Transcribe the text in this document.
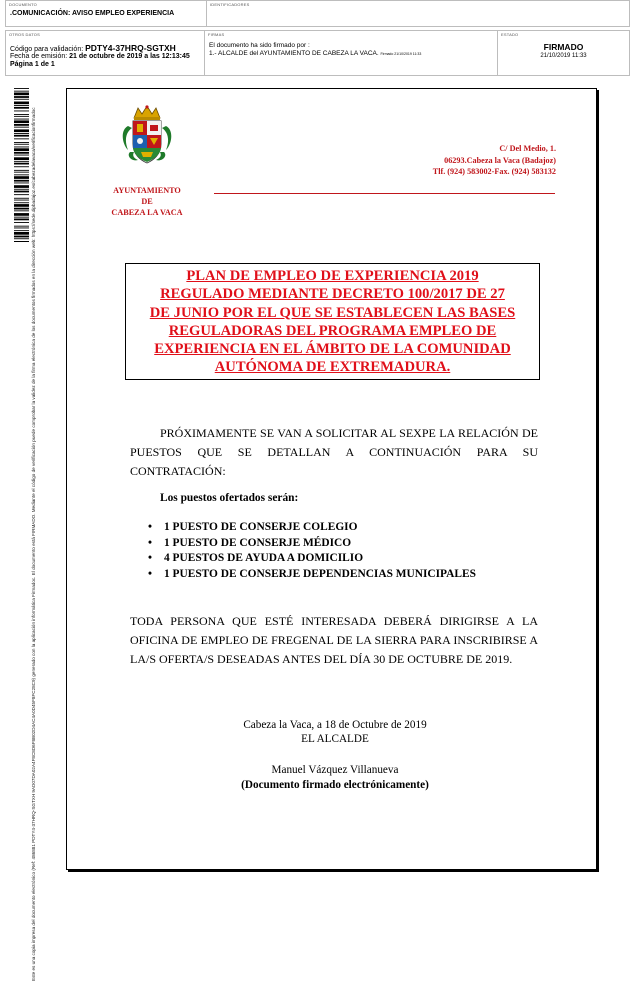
DOCUMENTO
.COMUNICACIÓN: AVISO EMPLEO EXPERIENCIA
IDENTIFICADORES
OTROS DATOS
Código para validación: PDTY4-37HRQ-SGTXH
Fecha de emisión: 21 de octubre de 2019 a las 12:13:45
Página 1 de 1
FIRMAS
El documento ha sido firmado por :
1.- ALCALDE del AYUNTAMIENTO DE CABEZA LA VACA. Firmado 21/10/2019 11:33
ESTADO
FIRMADO
21/10/2019 11:33
Este es una copia impresa del documento electrónico (Ref: 486881 PDTY4-37HRQ-SGTXH 9AD07DA02A4F8C8D6F8B02D4AC4A0D45F8FC28C9) generado con la aplicación informática Firmadoc. El documento está FIRMADO. Mediante el código de verificación puede comprobar la validez de la firma electrónica de los documentos firmados en la dirección web: https://sede.dipbadajoz.es/cabezadelavaca/verificacionfirmadoc	AYUNTAMIENTO
DE
CABEZA LA VACA
C/ Del Medio, 1.
06293.Cabeza la Vaca (Badajoz)
Tlf. (924) 583002-Fax. (924) 583132
PLAN DE EMPLEO DE EXPERIENCIA 2019
REGULADO MEDIANTE DECRETO 100/2017 DE 27
DE JUNIO POR EL QUE SE ESTABLECEN LAS BASES
REGULADORAS DEL PROGRAMA EMPLEO DE
EXPERIENCIA EN EL ÁMBITO DE LA COMUNIDAD
AUTÓNOMA DE EXTREMADURA.
PRÓXIMAMENTE SE VAN A SOLICITAR AL SEXPE LA RELACIÓN DE PUESTOS QUE SE DETALLAN A CONTINUACIÓN PARA SU CONTRATACIÓN:
Los puestos ofertados serán:
• 1 PUESTO DE CONSERJE COLEGIO
• 1 PUESTO DE CONSERJE MÉDICO
• 4 PUESTOS DE AYUDA A DOMICILIO
• 1 PUESTO DE CONSERJE DEPENDENCIAS MUNICIPALES
TODA PERSONA QUE ESTÉ INTERESADA DEBERÁ DIRIGIRSE A LA OFICINA DE EMPLEO DE FREGENAL DE LA SIERRA PARA INSCRIBIRSE A LA/S OFERTA/S DESEADAS ANTES DEL DÍA 30 DE OCTUBRE DE 2019.
Cabeza la Vaca, a 18 de Octubre de 2019
EL ALCALDE
Manuel Vázquez Villanueva
(Documento firmado electrónicamente)
